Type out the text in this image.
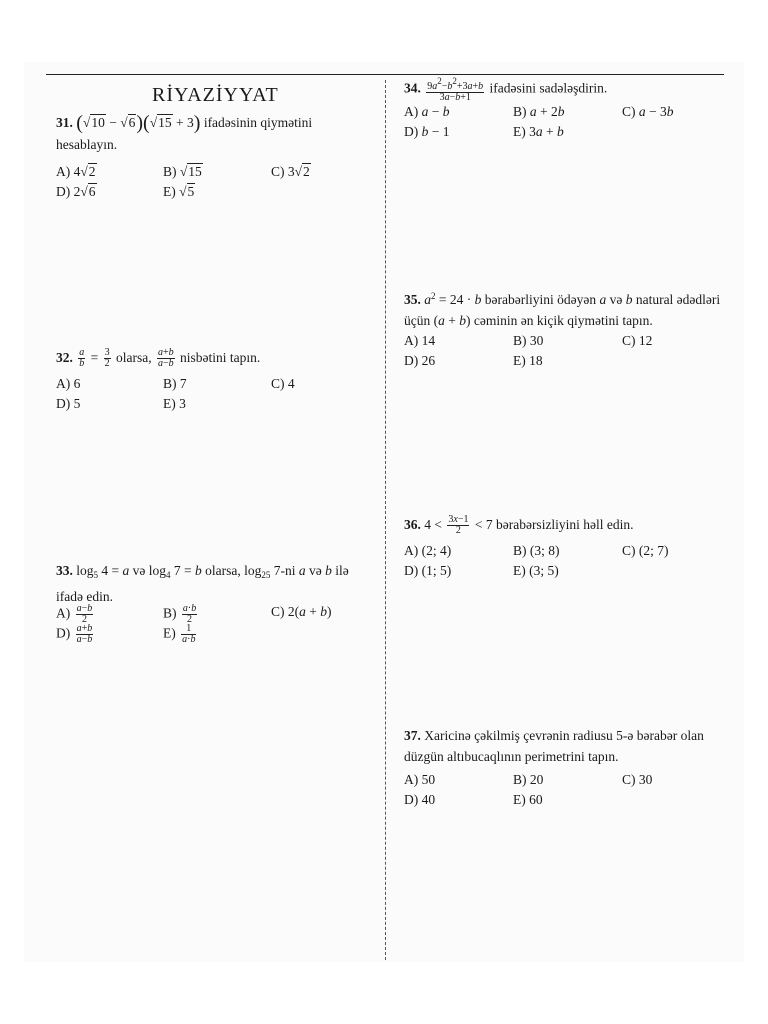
RİYAZİYYAT
31. (√10 − √6)(√15 + 3) ifadəsinin qiymətini
hesablayın.
A) 4√2	B) √15	C) 3√2
D) 2√6	E) √5
32. $\frac{a}{b} = \frac{3}{2}$ olarsa, $\frac{a+b}{a-b}$ nisbətini tapın.
A) 6	B) 7	C) 4
D) 5	E) 3
33. $\log_5 4 = a$ və $\log_4 7 = b$ olarsa, $\log_{25} 7-ni$ a və b ilə
ifadə edin.
$A) \frac{a-b}{2}$	$B) \frac{a\cdot b}{2}$	C) 2(a + b)
$D) \frac{a+b}{a-b}$	$E) \frac{1}{a\cdot b}$
34. $\frac{9a2-b2+3a+b}{3a-b+1}$ ifadəsini sadələşdirin.
A) a − b	B) a + 2b	C) a − 3b
D) b − 1	E) 3a + b
35. $a^2 = 24 \cdot b$ bərabərliyini ödəyən a və b natural ədədləri
üçün (a + b) cəminin ən kiçik qiymətini tapın.
A) 14	B) 30	C) 12
D) 26	E) 18
36. $4 < \frac{3x-1}{2} < 7$ bərabərsizliyini həll edin.
A) (2; 4)	B) (3; 8)	C) (2; 7)
D) (1; 5)	E) (3; 5)
37. Xaricinə çəkilmiş çevrənin radiusu 5-ə bərabər olan
düzgün altıbucaqlının perimetrini tapın.
A) 50	B) 20	C) 30
D) 40	E) 60
